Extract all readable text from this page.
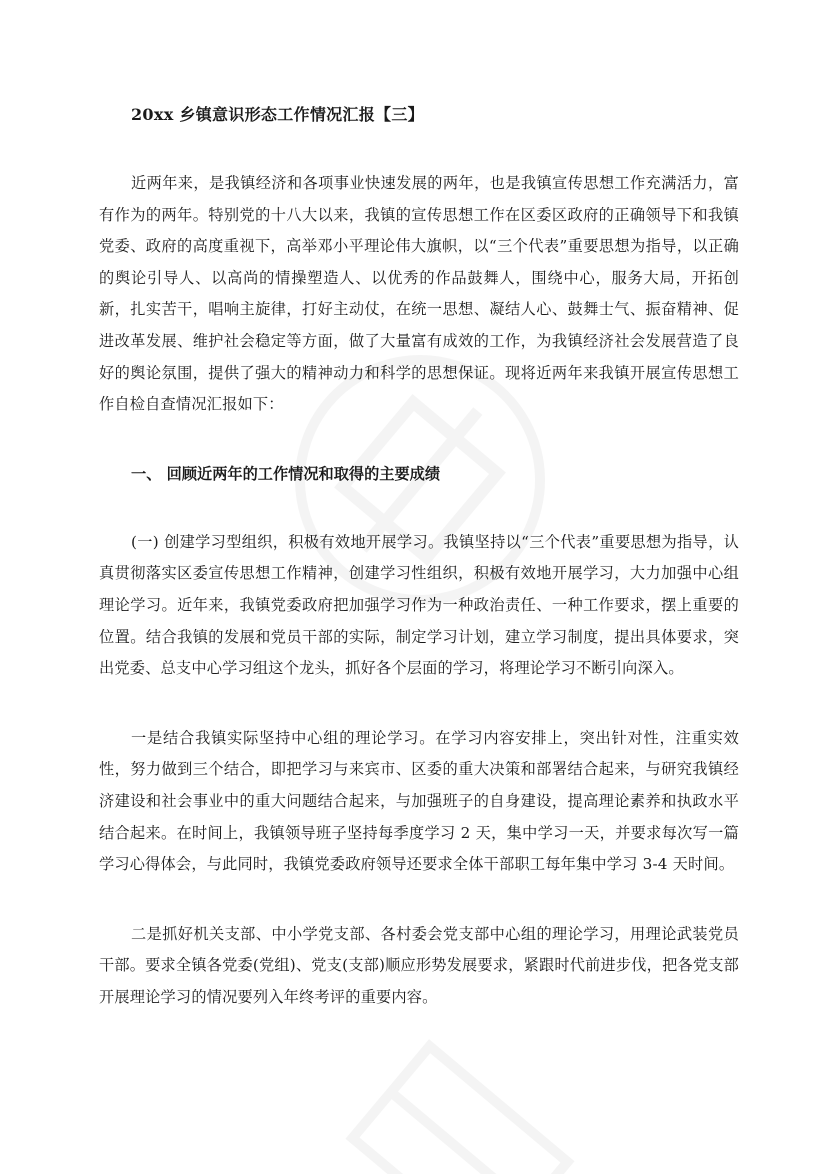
20xx 乡镇意识形态工作情况汇报【三】

近两年来，是我镇经济和各项事业快速发展的两年，也是我镇宣传思想工作充满活力，富有作为的两年。特别党的十八大以来，我镇的宣传思想工作在区委区政府的正确领导下和我镇党委、政府的高度重视下，高举邓小平理论伟大旗帜，以“三个代表”重要思想为指导，以正确的舆论引导人、以高尚的情操塑造人、以优秀的作品鼓舞人，围绕中心，服务大局，开拓创新，扎实苦干，唱响主旋律，打好主动仗，在统一思想、凝结人心、鼓舞士气、振奋精神、促进改革发展、维护社会稳定等方面，做了大量富有成效的工作，为我镇经济社会发展营造了良好的舆论氛围，提供了强大的精神动力和科学的思想保证。现将近两年来我镇开展宣传思想工作自检自查情况汇报如下：

一、 回顾近两年的工作情况和取得的主要成绩

(一) 创建学习型组织，积极有效地开展学习。我镇坚持以“三个代表”重要思想为指导，认真贯彻落实区委宣传思想工作精神，创建学习性组织，积极有效地开展学习，大力加强中心组理论学习。近年来，我镇党委政府把加强学习作为一种政治责任、一种工作要求，摆上重要的位置。结合我镇的发展和党员干部的实际，制定学习计划，建立学习制度，提出具体要求，突出党委、总支中心学习组这个龙头，抓好各个层面的学习，将理论学习不断引向深入。

一是结合我镇实际坚持中心组的理论学习。在学习内容安排上，突出针对性，注重实效性，努力做到三个结合，即把学习与来宾市、区委的重大决策和部署结合起来，与研究我镇经济建设和社会事业中的重大问题结合起来，与加强班子的自身建设，提高理论素养和执政水平结合起来。在时间上，我镇领导班子坚持每季度学习 2 天，集中学习一天，并要求每次写一篇学习心得体会，与此同时，我镇党委政府领导还要求全体干部职工每年集中学习 3-4 天时间。

二是抓好机关支部、中小学党支部、各村委会党支部中心组的理论学习，用理论武装党员干部。要求全镇各党委(党组)、党支(支部)顺应形势发展要求，紧跟时代前进步伐，把各党支部开展理论学习的情况要列入年终考评的重要内容。
